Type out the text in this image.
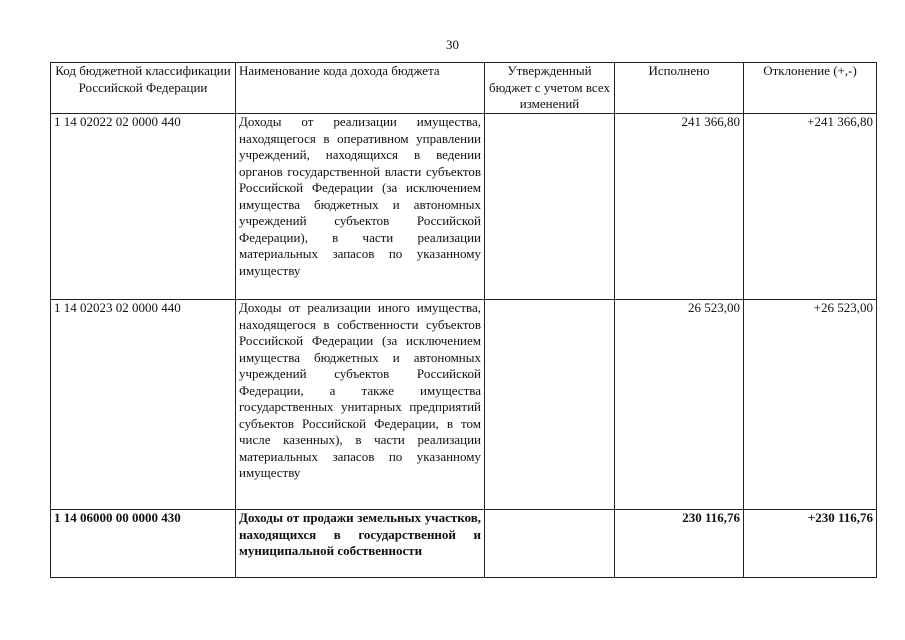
30
Код бюджетной классификации Российской Федерации	Наименование кода дохода бюджета	Утвержденный бюджет с учетом всех изменений	Исполнено	Отклонение (+,-)
1 14 02022 02 0000 440	Доходы от реализации имущества, находящегося в оперативном управлении учреждений, находящихся в ведении органов государственной власти субъектов Российской Федерации (за исключением имущества бюджетных и автономных учреждений субъектов Российской Федерации), в части реализации материальных запасов по указанному имуществу		241 366,80	+241 366,80
1 14 02023 02 0000 440	Доходы от реализации иного имущества, находящегося в собственности субъектов Российской Федерации (за исключением имущества бюджетных и автономных учреждений субъектов Российской Федерации, а также имущества государственных унитарных предприятий субъектов Российской Федерации, в том числе казенных), в части реализации материальных запасов по указанному имуществу		26 523,00	+26 523,00
1 14 06000 00 0000 430	Доходы от продажи земельных участков, находящихся в государственной и муниципальной собственности		230 116,76	+230 116,76
